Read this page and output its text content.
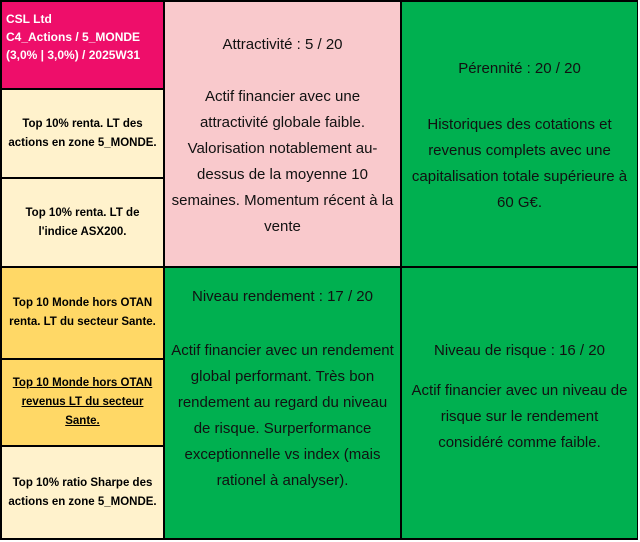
CSL Ltd
C4_Actions / 5_MONDE
(3,0% | 3,0%) / 2025W31
Top 10% renta. LT des actions en zone 5_MONDE.
Top 10% renta. LT de l'indice ASX200.
Top 10 Monde hors OTAN renta. LT du secteur Sante.
Top 10 Monde hors OTAN revenus LT du secteur Sante.
Top 10% ratio Sharpe des actions en zone 5_MONDE.
Attractivité : 5 / 20
Actif financier avec une attractivité globale faible. Valorisation notablement au-dessus de la moyenne 10 semaines. Momentum récent à la vente
Pérennité : 20 / 20
Historiques des cotations et revenus complets avec une capitalisation totale supérieure à 60 G€.
Niveau rendement : 17 / 20
Actif financier avec un rendement global performant. Très bon rendement au regard du niveau de risque. Surperformance exceptionnelle vs index (mais rationel à analyser).
Niveau de risque : 16 / 20
Actif financier avec un niveau de risque sur le rendement considéré comme faible.
